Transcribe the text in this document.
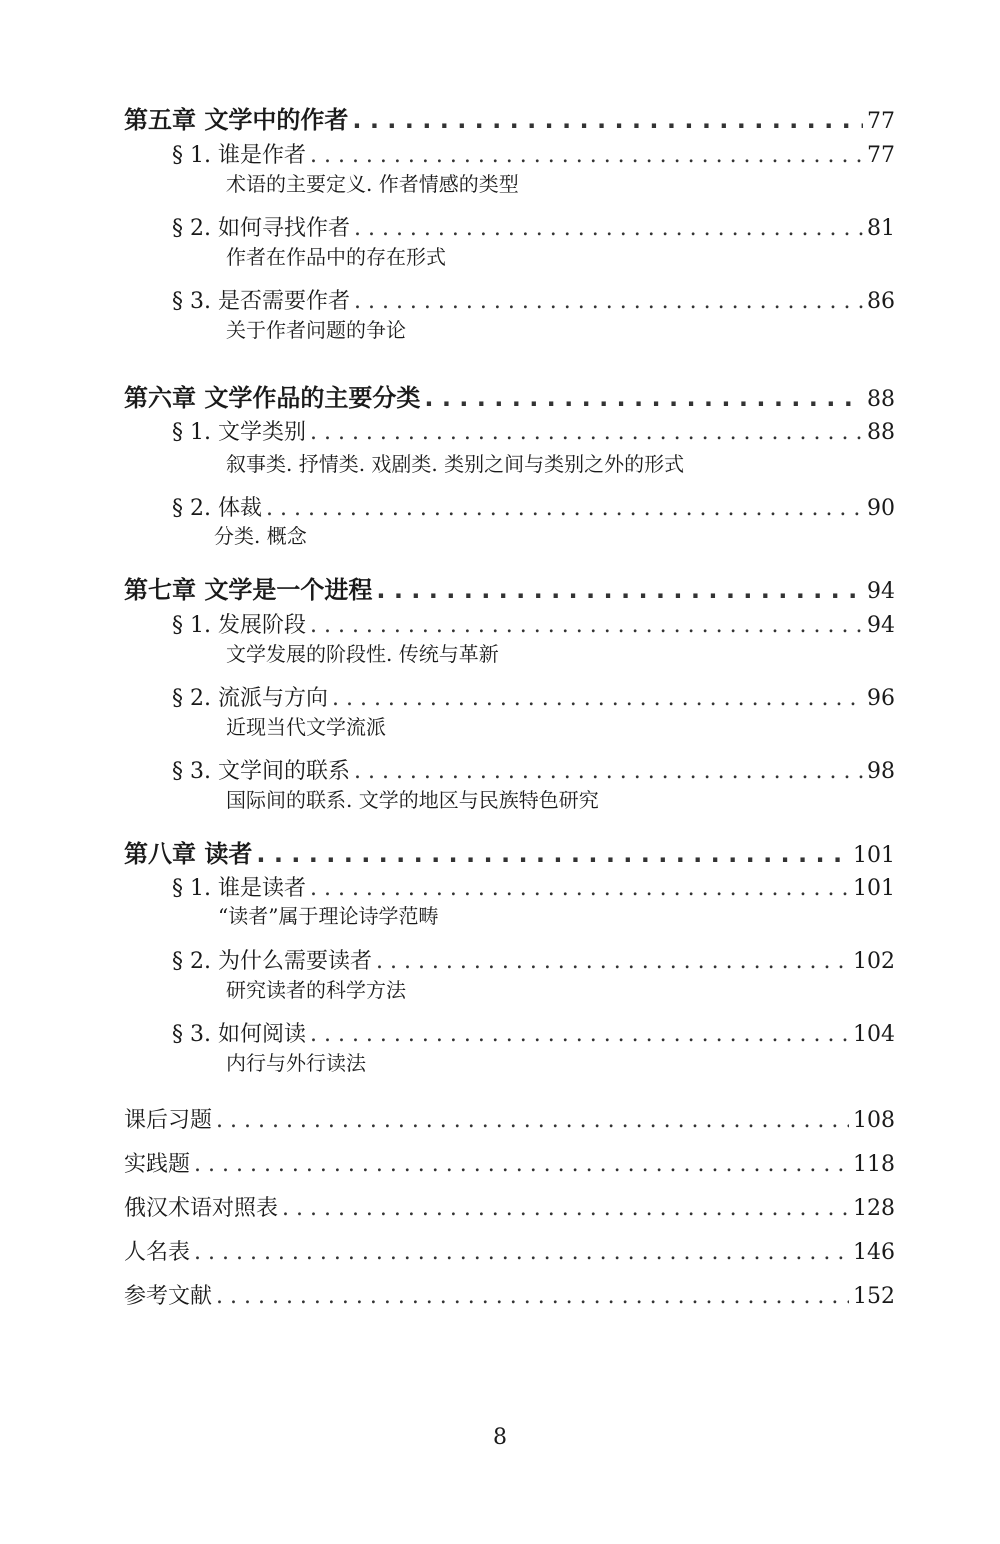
第五章 文学中的作者 . . .	77
§ 1. 谁是作者 . . .	77
术语的主要定义. 作者情感的类型
§ 2. 如何寻找作者 . . .	81
作者在作品中的存在形式
§ 3. 是否需要作者 . . .	86
关于作者问题的争论
第六章 文学作品的主要分类 . . .	88
§ 1. 文学类别 . . .	88
叙事类. 抒情类. 戏剧类. 类别之间与类别之外的形式
§ 2. 体裁 . . .	90
分类. 概念
第七章 文学是一个进程 . . .	94
§ 1. 发展阶段 . . .	94
文学发展的阶段性. 传统与革新
§ 2. 流派与方向 . . .	96
近现当代文学流派
§ 3. 文学间的联系 . . .	98
国际间的联系. 文学的地区与民族特色研究
第八章 读者 . . .	101
§ 1. 谁是读者 . . .	101
“读者”属于理论诗学范畴
§ 2. 为什么需要读者 . . .	102
研究读者的科学方法
§ 3. 如何阅读 . . .	104
内行与外行读法
课后习题 . . .	108
实践题 . . .	118
俄汉术语对照表 . . .	128
人名表 . . .	146
参考文献 . . .	152
8
